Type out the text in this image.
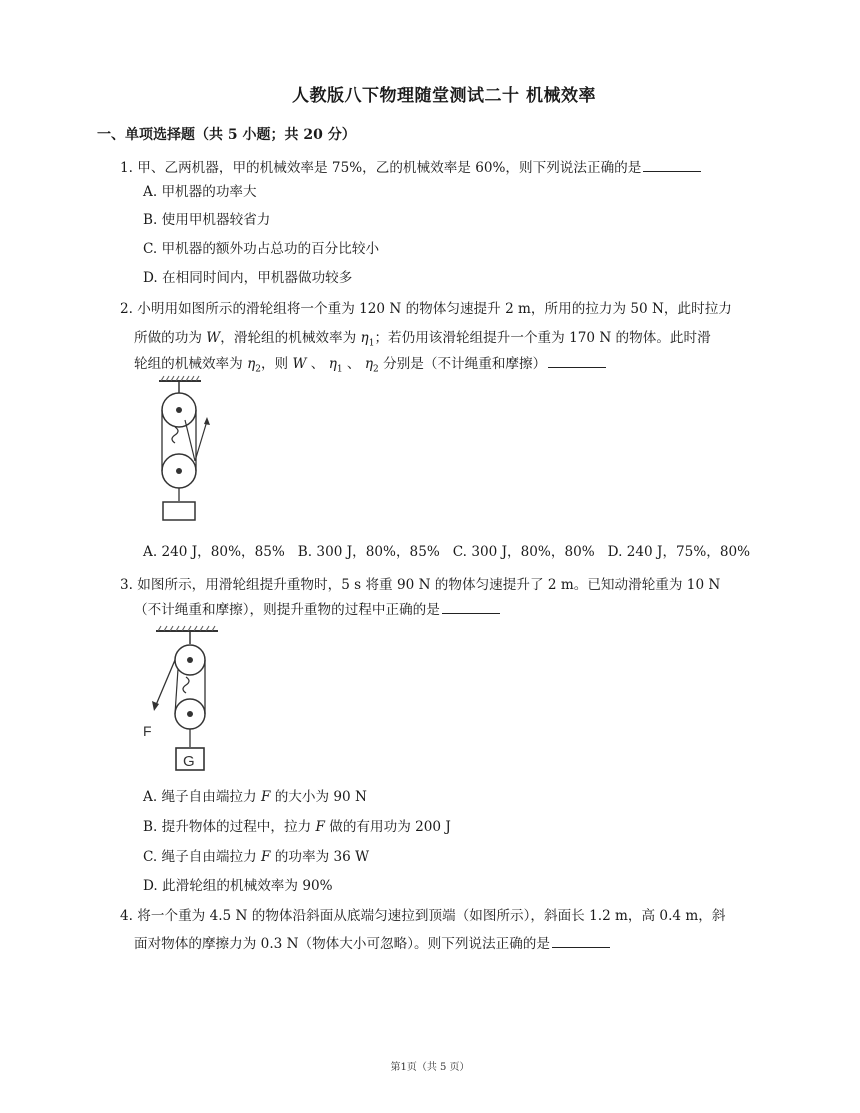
人教版八下物理随堂测试二十 机械效率
一、单项选择题（共 5 小题；共 20 分）
1. 甲、乙两机器，甲的机械效率是 75%，乙的机械效率是 60%，则下列说法正确的是
A. 甲机器的功率大
B. 使用甲机器较省力
C. 甲机器的额外功占总功的百分比较小
D. 在相同时间内，甲机器做功较多
2. 小明用如图所示的滑轮组将一个重为 120 N 的物体匀速提升 2 m，所用的拉力为 50 N，此时拉力
所做的功为 W，滑轮组的机械效率为 $\eta_1$；若仍用该滑轮组提升一个重为 170 N 的物体。此时滑
轮组的机械效率为 $\eta_2$，则 W 、 $\eta_1$ 、 $\eta_2$ 分别是（不计绳重和摩擦）
A. 240 J，80%，85% B. 300 J，80%，85% C. 300 J，80%，80% D. 240 J，75%，80%
3. 如图所示，用滑轮组提升重物时，5 s 将重 90 N 的物体匀速提升了 2 m。已知动滑轮重为 10 N
（不计绳重和摩擦），则提升重物的过程中正确的是
F
G
A. 绳子自由端拉力 F 的大小为 90 N
B. 提升物体的过程中，拉力 F 做的有用功为 200 J
C. 绳子自由端拉力 F 的功率为 36 W
D. 此滑轮组的机械效率为 90%
4. 将一个重为 4.5 N 的物体沿斜面从底端匀速拉到顶端（如图所示），斜面长 1.2 m，高 0.4 m，斜
面对物体的摩擦力为 0.3 N（物体大小可忽略）。则下列说法正确的是
第1页（共 5 页）
